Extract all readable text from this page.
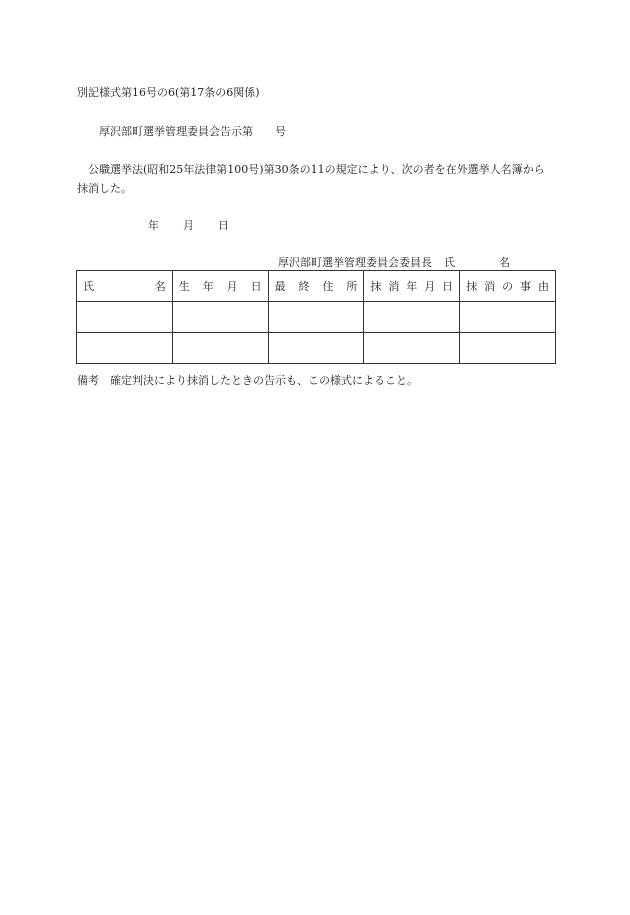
別記様式第16号の6(第17条の6関係)
厚沢部町選挙管理委員会告示第 号
公職選挙法(昭和25年法律第100号)第30条の11の規定により、次の者を在外選挙人名簿から抹消した。
年 月 日
厚沢部町選挙管理委員会委員長 氏	名
氏 名	生 年 月 日	最 終 住 所	抹 消 年 月 日	抹 消 の 事 由

備考 確定判決により抹消したときの告示も、この様式によること。
